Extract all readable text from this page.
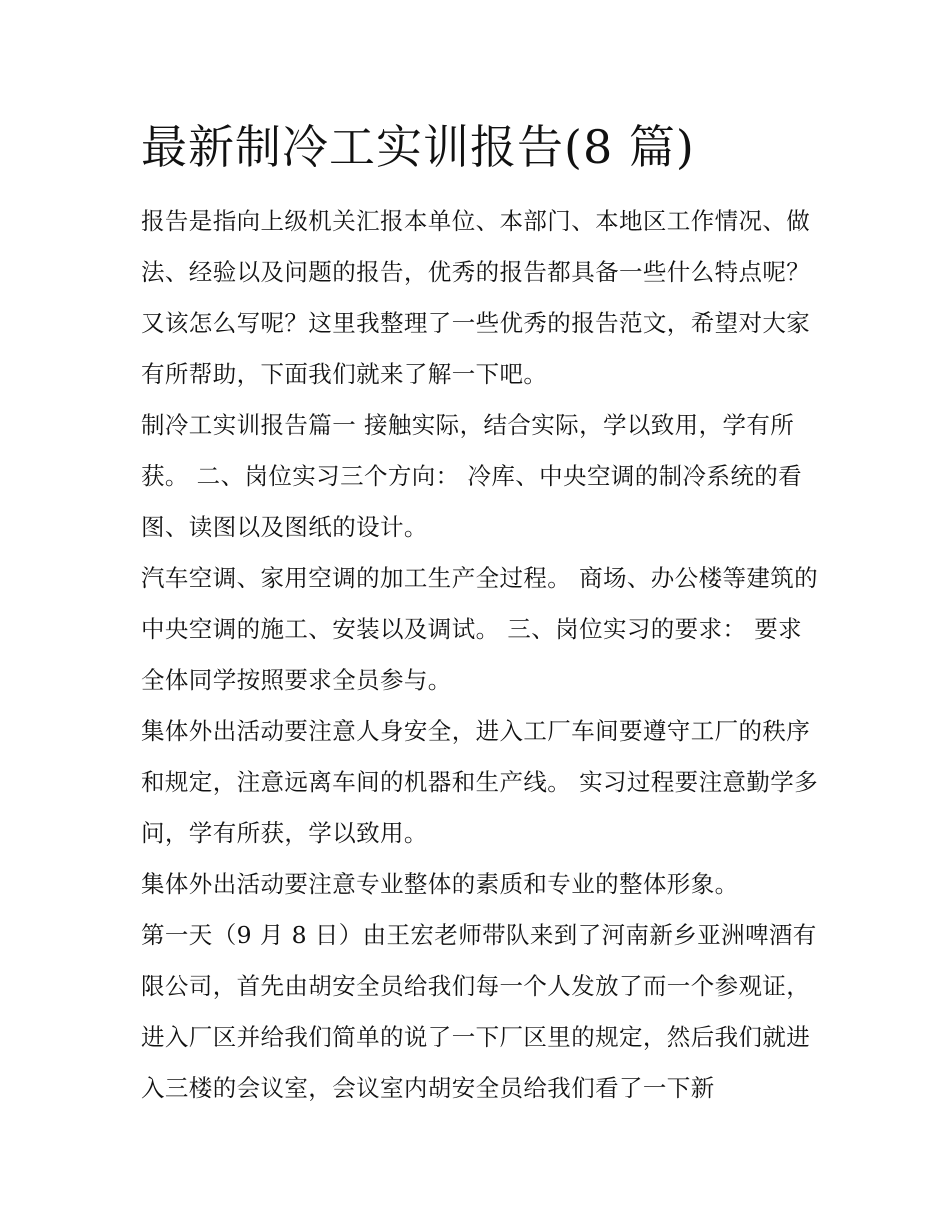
最新制冷工实训报告(8 篇)

报告是指向上级机关汇报本单位、本部门、本地区工作情况、做法、经验以及问题的报告，优秀的报告都具备一些什么特点呢？又该怎么写呢？这里我整理了一些优秀的报告范文，希望对大家有所帮助，下面我们就来了解一下吧。

制冷工实训报告篇一 接触实际，结合实际，学以致用，学有所获。 二、岗位实习三个方向： 冷库、中央空调的制冷系统的看图、读图以及图纸的设计。

汽车空调、家用空调的加工生产全过程。 商场、办公楼等建筑的中央空调的施工、安装以及调试。 三、岗位实习的要求： 要求全体同学按照要求全员参与。

集体外出活动要注意人身安全，进入工厂车间要遵守工厂的秩序和规定，注意远离车间的机器和生产线。 实习过程要注意勤学多问，学有所获，学以致用。

集体外出活动要注意专业整体的素质和专业的整体形象。

第一天（9 月 8 日）由王宏老师带队来到了河南新乡亚洲啤酒有限公司，首先由胡安全员给我们每一个人发放了而一个参观证，进入厂区并给我们简单的说了一下厂区里的规定，然后我们就进入三楼的会议室，会议室内胡安全员给我们看了一下新
